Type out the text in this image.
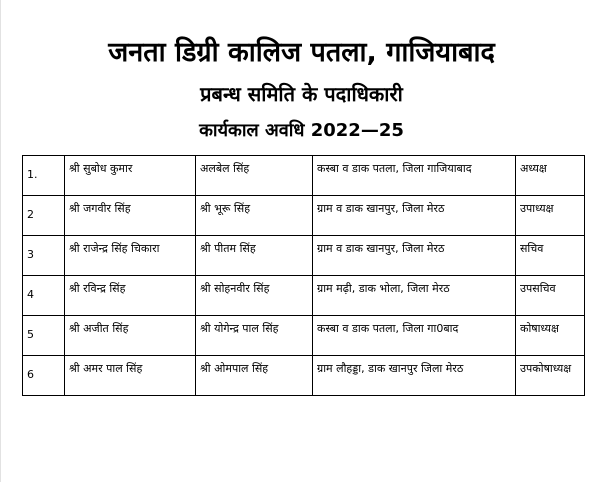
जनता डिग्री कालिज पतला, गाजियाबाद
प्रबन्ध समिति के पदाधिकारी
कार्यकाल अवधि 2022—25
1.	श्री सुबोध कुमार	अलबेल सिंह	कस्बा व डाक पतला, जिला गाजियाबाद	अध्यक्ष
2	श्री जगवीर सिंह	श्री भूरू सिंह	ग्राम व डाक खानपुर, जिला मेरठ	उपाध्यक्ष
3	श्री राजेन्द्र सिंह चिकारा	श्री पीतम सिंह	ग्राम व डाक खानपुर, जिला मेरठ	सचिव
4	श्री रविन्द्र सिंह	श्री सोहनवीर सिंह	ग्राम मढ़ी, डाक भोला, जिला मेरठ	उपसचिव
5	श्री अजीत सिंह	श्री योगेन्द्र पाल सिंह	कस्बा व डाक पतला, जिला गा0बाद	कोषाध्यक्ष
6	श्री अमर पाल सिंह	श्री ओमपाल सिंह	ग्राम लौहड्डा, डाक खानपुर जिला मेरठ	उपकोषाध्यक्ष
